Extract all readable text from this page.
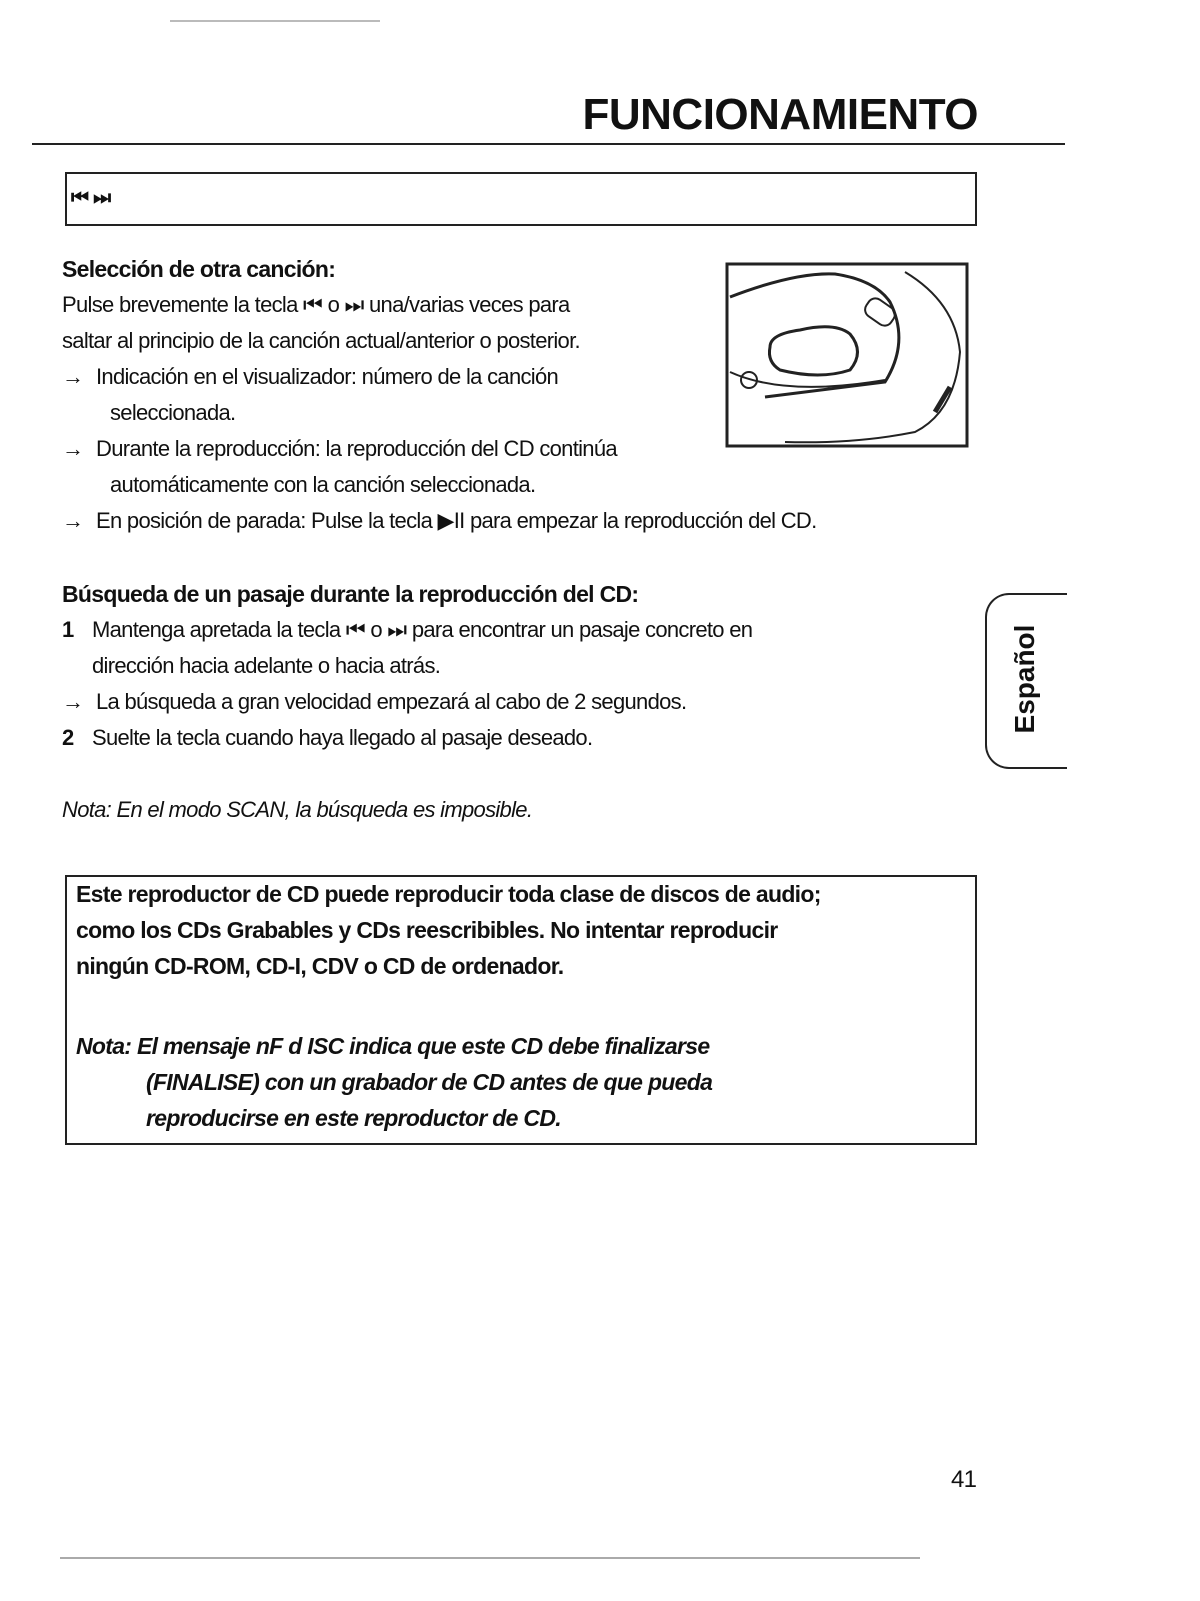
FUNCIONAMIENTO
⏮ ⏭
Selección de otra canción:
Pulse brevemente la tecla ⏮ o ⏭ una/varias veces para
saltar al principio de la canción actual/anterior o posterior.
→ Indicación en el visualizador: número de la canción
seleccionada.
→ Durante la reproducción: la reproducción del CD continúa
automáticamente con la canción seleccionada.
→ En posición de parada: Pulse la tecla ▶II para empezar la reproducción del CD.
Búsqueda de un pasaje durante la reproducción del CD:
1 Mantenga apretada la tecla ⏮ o ⏭ para encontrar un pasaje concreto en
dirección hacia adelante o hacia atrás.
→ La búsqueda a gran velocidad empezará al cabo de 2 segundos.
2 Suelte la tecla cuando haya llegado al pasaje deseado.
Nota: En el modo SCAN, la búsqueda es imposible.
Este reproductor de CD puede reproducir toda clase de discos de audio;
como los CDs Grabables y CDs reescribibles. No intentar reproducir
ningún CD-ROM, CD-I, CDV o CD de ordenador.
Nota: El mensaje nF d ISC indica que este CD debe finalizarse
(FINALISE) con un grabador de CD antes de que pueda
reproducirse en este reproductor de CD.
Español
41
